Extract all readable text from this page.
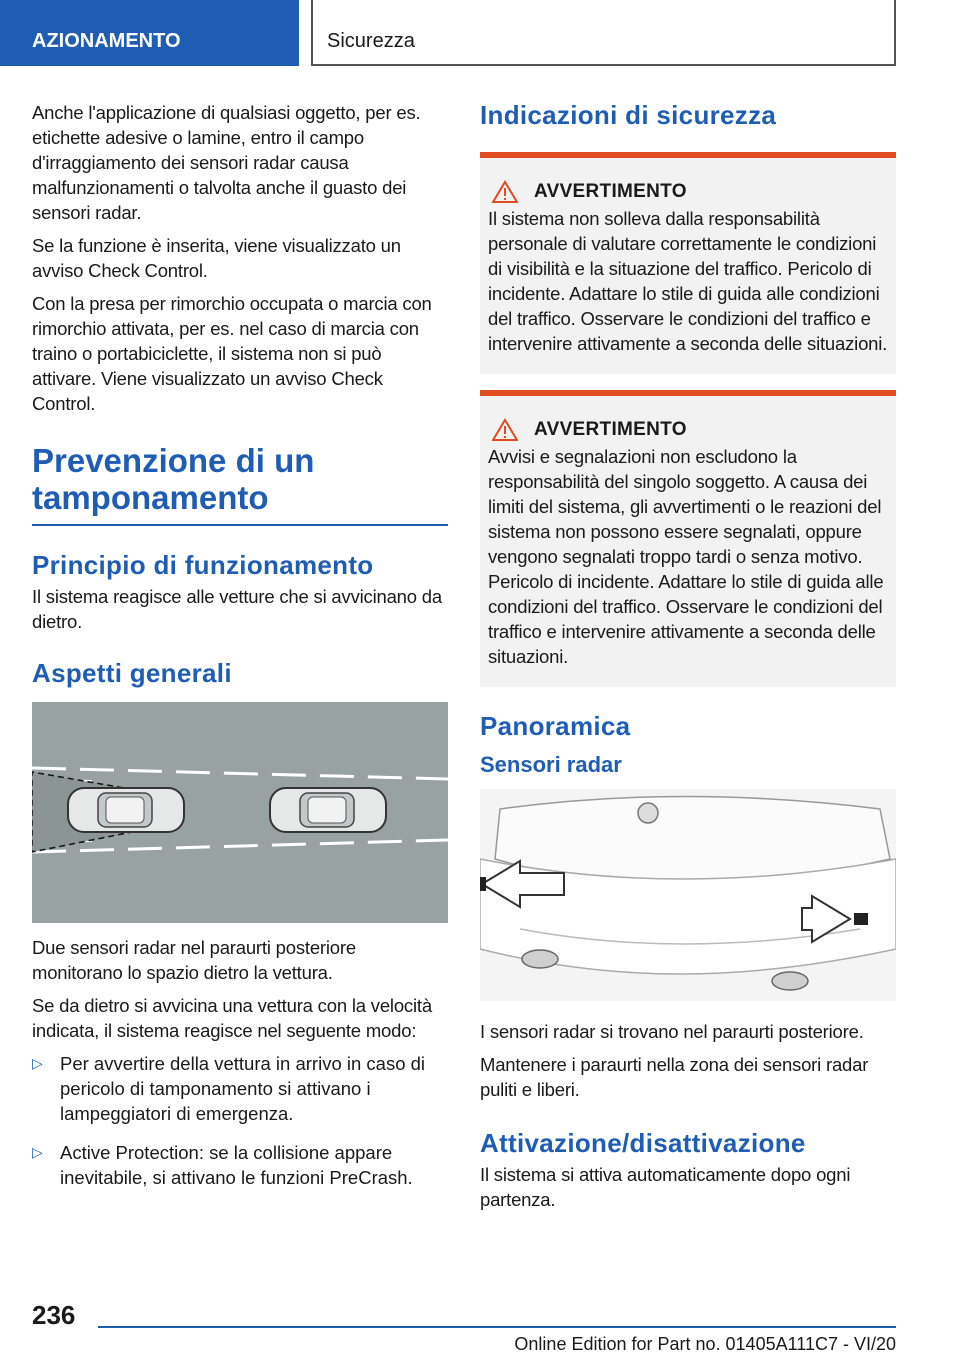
AZIONAMENTO	Sicurezza

Anche l'applicazione di qualsiasi oggetto, per es. etichette adesive o lamine, entro il campo d'irraggiamento dei sensori radar causa malfunzionamenti o talvolta anche il guasto dei sensori radar.

Se la funzione è inserita, viene visualizzato un avviso Check Control.

Con la presa per rimorchio occupata o marcia con rimorchio attivata, per es. nel caso di marcia con traino o portabiciclette, il sistema non si può attivare. Viene visualizzato un avviso Check Control.

Prevenzione di un tamponamento
Principio di funzionamento

Il sistema reagisce alle vetture che si avvicinano da dietro.

Aspetti generali

Due sensori radar nel paraurti posteriore monitorano lo spazio dietro la vettura.

Se da dietro si avvicina una vettura con la velocità indicata, il sistema reagisce nel seguente modo:

▷ Per avvertire della vettura in arrivo in caso di pericolo di tamponamento si attivano i lampeggiatori di emergenza.
▷ Active Protection: se la collisione appare inevitabile, si attivano le funzioni PreCrash.
Indicazioni di sicurezza
AVVERTIMENTO

Il sistema non solleva dalla responsabilità personale di valutare correttamente le condizioni di visibilità e la situazione del traffico. Pericolo di incidente. Adattare lo stile di guida alle condizioni del traffico. Osservare le condizioni del traffico e intervenire attivamente a seconda delle situazioni.

AVVERTIMENTO

Avvisi e segnalazioni non escludono la responsabilità del singolo soggetto. A causa dei limiti del sistema, gli avvertimenti o le reazioni del sistema non possono essere segnalati, oppure vengono segnalati troppo tardi o senza motivo. Pericolo di incidente. Adattare lo stile di guida alle condizioni del traffico. Osservare le condizioni del traffico e intervenire attivamente a seconda delle situazioni.

Panoramica
Sensori radar

I sensori radar si trovano nel paraurti posteriore.

Mantenere i paraurti nella zona dei sensori radar puliti e liberi.

Attivazione/disattivazione

Il sistema si attiva automaticamente dopo ogni partenza.

236
Online Edition for Part no. 01405A111C7 - VI/20
